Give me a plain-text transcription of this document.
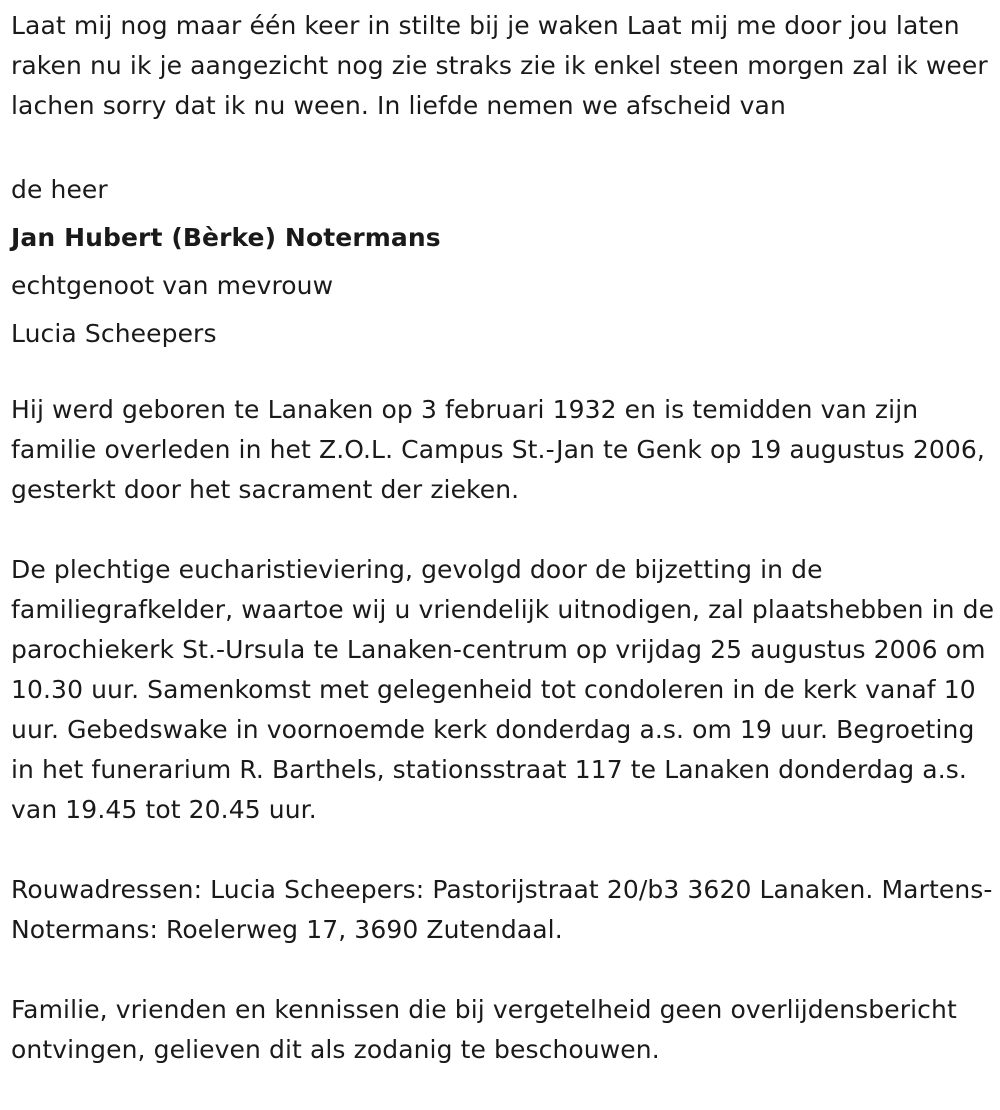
Laat mij nog maar één keer in stilte bij je waken Laat mij me door jou laten raken nu ik je aangezicht nog zie straks zie ik enkel steen morgen zal ik weer lachen sorry dat ik nu ween. In liefde nemen we afscheid van

de heer
Jan Hubert (Bèrke) Notermans
echtgenoot van mevrouw
Lucia Scheepers

Hij werd geboren te Lanaken op 3 februari 1932 en is temidden van zijn familie overleden in het Z.O.L. Campus St.-Jan te Genk op 19 augustus 2006, gesterkt door het sacrament der zieken.

De plechtige eucharistieviering, gevolgd door de bijzetting in de familiegrafkelder, waartoe wij u vriendelijk uitnodigen, zal plaatshebben in de parochiekerk St.-Ursula te Lanaken-centrum op vrijdag 25 augustus 2006 om 10.30 uur. Samenkomst met gelegenheid tot condoleren in de kerk vanaf 10 uur. Gebedswake in voornoemde kerk donderdag a.s. om 19 uur. Begroeting in het funerarium R. Barthels, stationsstraat 117 te Lanaken donderdag a.s. van 19.45 tot 20.45 uur.

Rouwadressen: Lucia Scheepers: Pastorijstraat 20/b3 3620 Lanaken. Martens-Notermans: Roelerweg 17, 3690 Zutendaal.

Familie, vrienden en kennissen die bij vergetelheid geen overlijdensbericht ontvingen, gelieven dit als zodanig te beschouwen.
